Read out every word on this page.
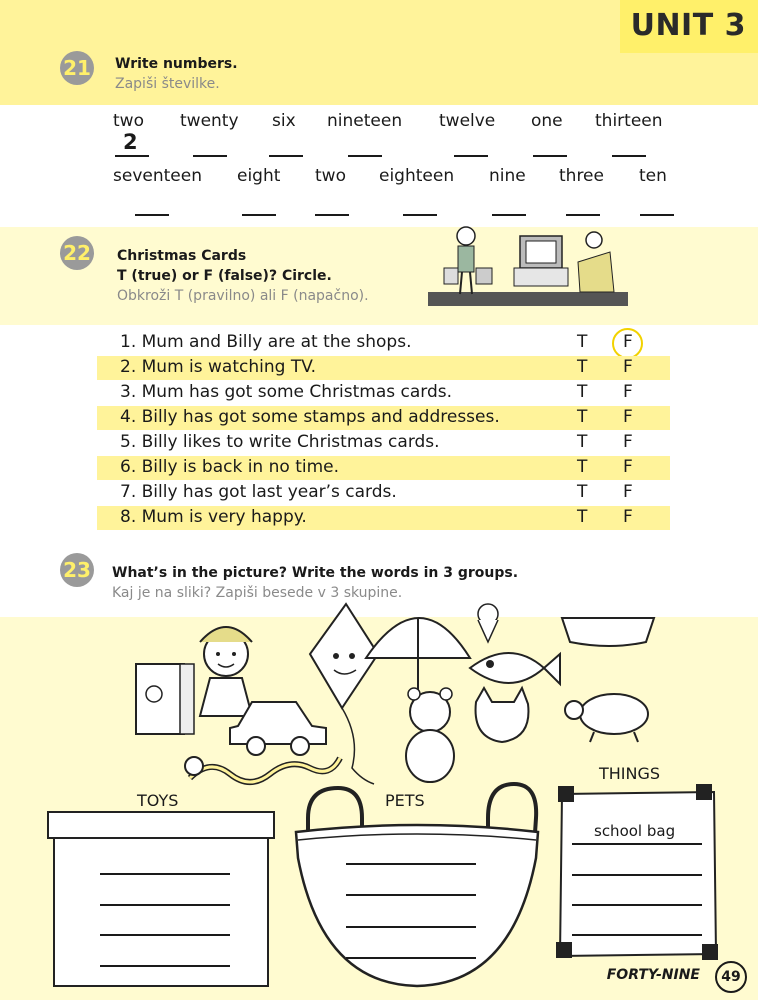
UNIT 3
21 Write numbers.
Zapiši številke.
two twenty six nineteen twelve one thirteen
2
seventeen eight two eighteen nine three ten
22 Christmas Cards
T (true) or F (false)? Circle.
Obkroži T (pravilno) ali F (napačno).
1. Mum and Billy are at the shops.	T F
2. Mum is watching TV.	T F
3. Mum has got some Christmas cards.	T F
4. Billy has got some stamps and addresses.	T F
5. Billy likes to write Christmas cards.	T F
6. Billy is back in no time.	T F
7. Billy has got last year’s cards.	T F
8. Mum is very happy.	T F
23 What’s in the picture? Write the words in 3 groups.
Kaj je na sliki? Zapiši besede v 3 skupine.
TOYS	PETS
THINGS
school bag
FORTY-NINE	49
